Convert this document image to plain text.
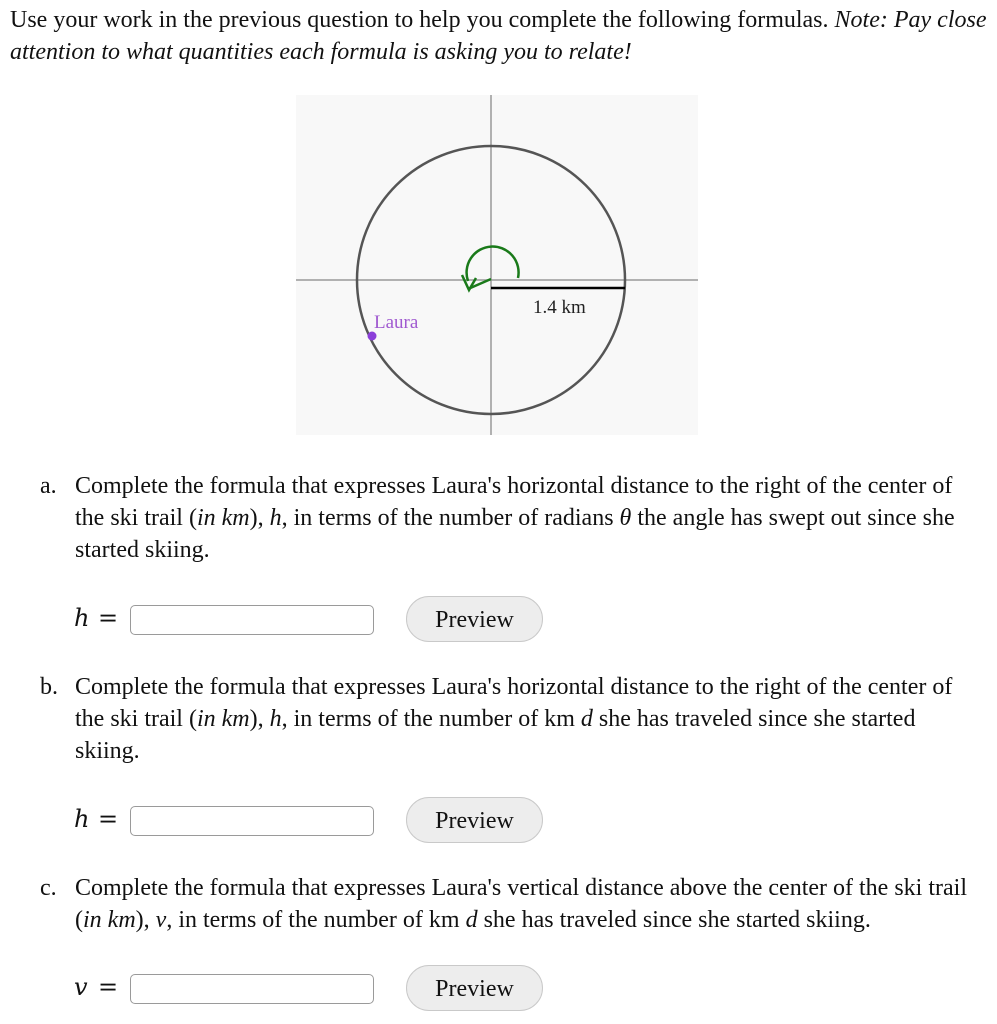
Use your work in the previous question to help you complete the following formulas. Note: Pay close attention to what quantities each formula is asking you to relate!
Laura
1.4 km
a. Complete the formula that expresses Laura's horizontal distance to the right of the center of the ski trail (in km), h, in terms of the number of radians θ the angle has swept out since she started skiing.
h =	Preview
b. Complete the formula that expresses Laura's horizontal distance to the right of the center of the ski trail (in km), h, in terms of the number of km d she has traveled since she started skiing.
h =	Preview
c. Complete the formula that expresses Laura's vertical distance above the center of the ski trail (in km), v, in terms of the number of km d she has traveled since she started skiing.
v =	Preview
